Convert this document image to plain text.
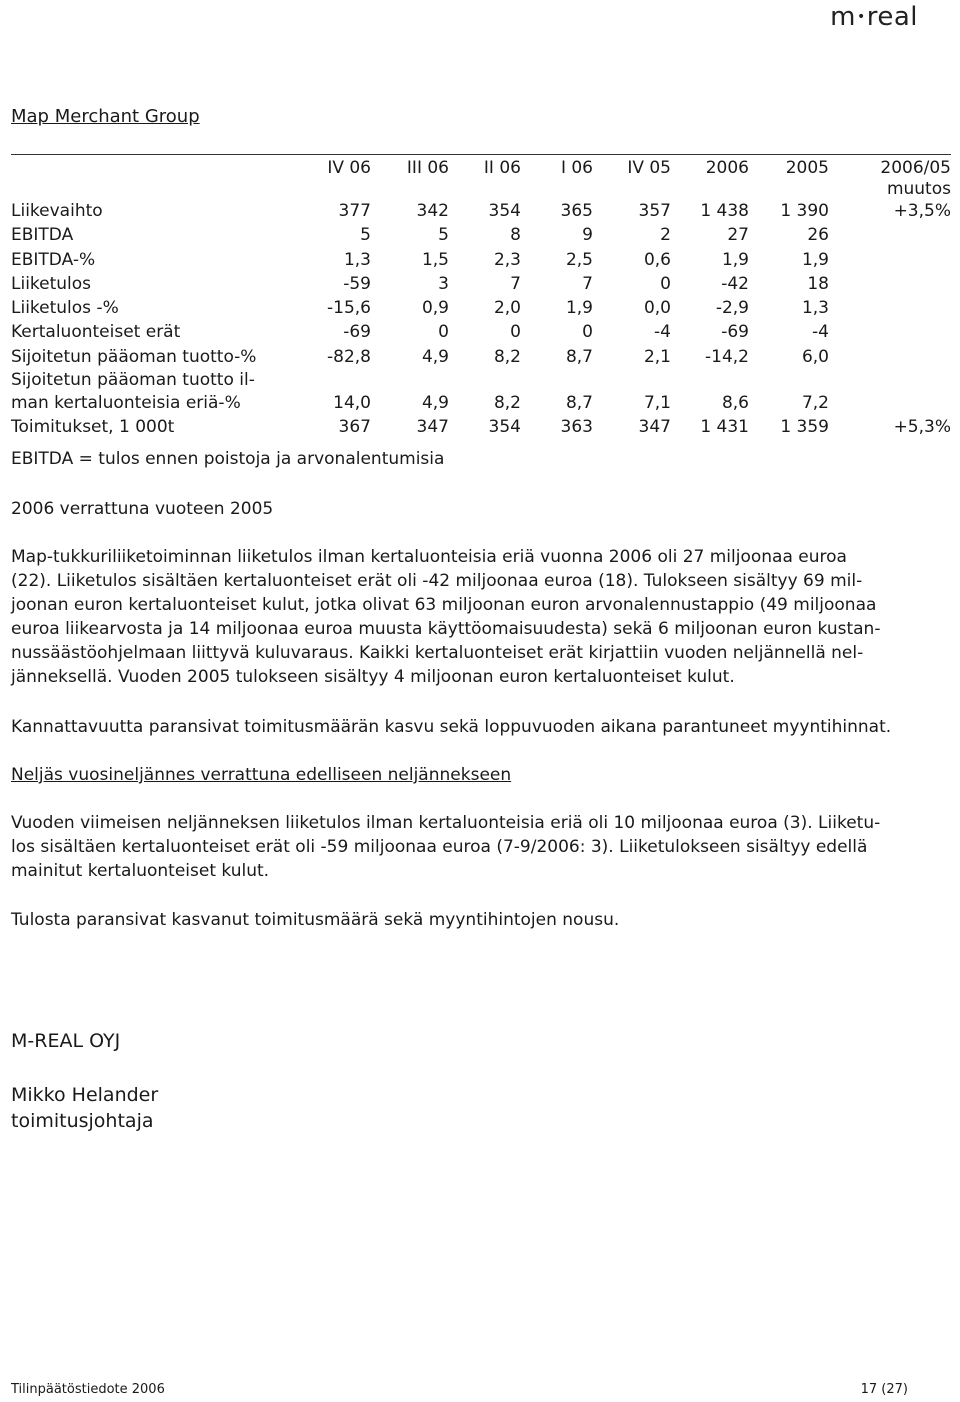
m•real
Map Merchant Group
	IV 06	III 06	II 06	I 06	IV 05	2006	2005	2006/05
								muutos
Liikevaihto	377	342	354	365	357	1 438	1 390	+3,5%
EBITDA	5	5	8	9	2	27	26	
EBITDA-%	1,3	1,5	2,3	2,5	0,6	1,9	1,9	
Liiketulos	-59	3	7	7	0	-42	18	
Liiketulos -%	-15,6	0,9	2,0	1,9	0,0	-2,9	1,3	
Kertaluonteiset erät	-69	0	0	0	-4	-69	-4	
Sijoitetun pääoman tuotto-%	-82,8	4,9	8,2	8,7	2,1	-14,2	6,0	
Sijoitetun pääoman tuotto il-								
man kertaluonteisia eriä-%	14,0	4,9	8,2	8,7	7,1	8,6	7,2	
Toimitukset, 1 000t	367	347	354	363	347	1 431	1 359	+5,3%
EBITDA = tulos ennen poistoja ja arvonalentumisia
2006 verrattuna vuoteen 2005
Map-tukkuriliiketoiminnan liiketulos ilman kertaluonteisia eriä vuonna 2006 oli 27 miljoonaa euroa
(22). Liiketulos sisältäen kertaluonteiset erät oli -42 miljoonaa euroa (18). Tulokseen sisältyy 69 mil-
joonan euron kertaluonteiset kulut, jotka olivat 63 miljoonan euron arvonalennustappio (49 miljoonaa
euroa liikearvosta ja 14 miljoonaa euroa muusta käyttöomaisuudesta) sekä 6 miljoonan euron kustan-
nussäästöohjelmaan liittyvä kuluvaraus. Kaikki kertaluonteiset erät kirjattiin vuoden neljännellä nel-
jänneksellä. Vuoden 2005 tulokseen sisältyy 4 miljoonan euron kertaluonteiset kulut.
Kannattavuutta paransivat toimitusmäärän kasvu sekä loppuvuoden aikana parantuneet myyntihinnat.
Neljäs vuosineljännes verrattuna edelliseen neljännekseen
Vuoden viimeisen neljänneksen liiketulos ilman kertaluonteisia eriä oli 10 miljoonaa euroa (3). Liiketu-
los sisältäen kertaluonteiset erät oli -59 miljoonaa euroa (7-9/2006: 3). Liiketulokseen sisältyy edellä
mainitut kertaluonteiset kulut.
Tulosta paransivat kasvanut toimitusmäärä sekä myyntihintojen nousu.
M-REAL OYJ
Mikko Helander
toimitusjohtaja
Tilinpäätöstiedote 2006	17 (27)
